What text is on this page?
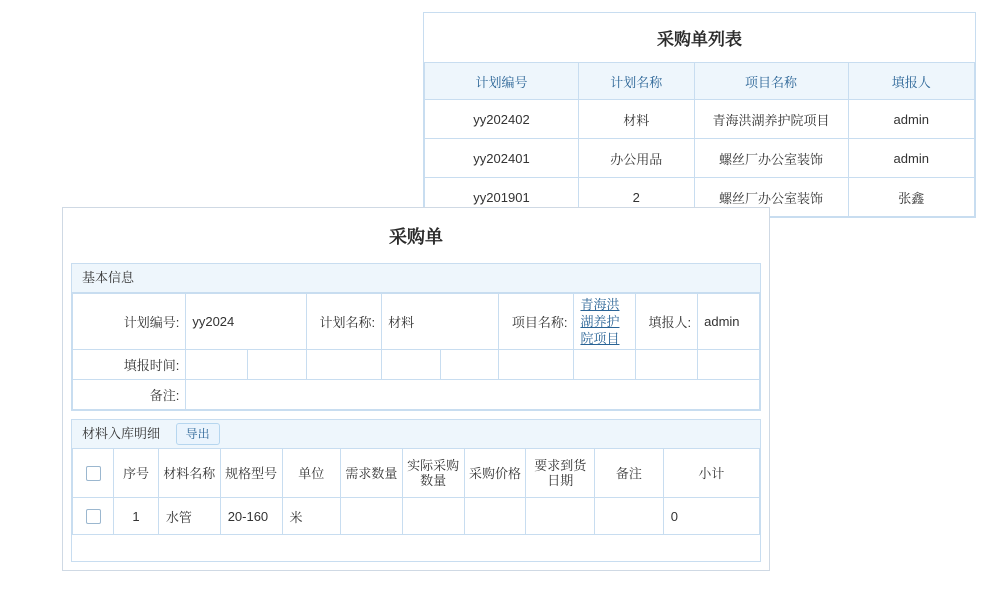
采购单列表
计划编号	计划名称	项目名称	填报人
yy202402	材料	青海洪湖养护院项目	admin
yy202401	办公用品	螺丝厂办公室装饰	admin
yy201901	2	螺丝厂办公室装饰	张鑫
采购单
基本信息
计划编号:	yy2024		计划名称:	材料		项目名称:	青海洪湖养护院项目	填报人:	admin
填报时间:									
备注:									
材料入库明细 导出
	序号	材料名称	规格型号	单位	需求数量	实际采购数量	采购价格	要求到货日期	备注	小计
	1	水管	20-160	米						0
